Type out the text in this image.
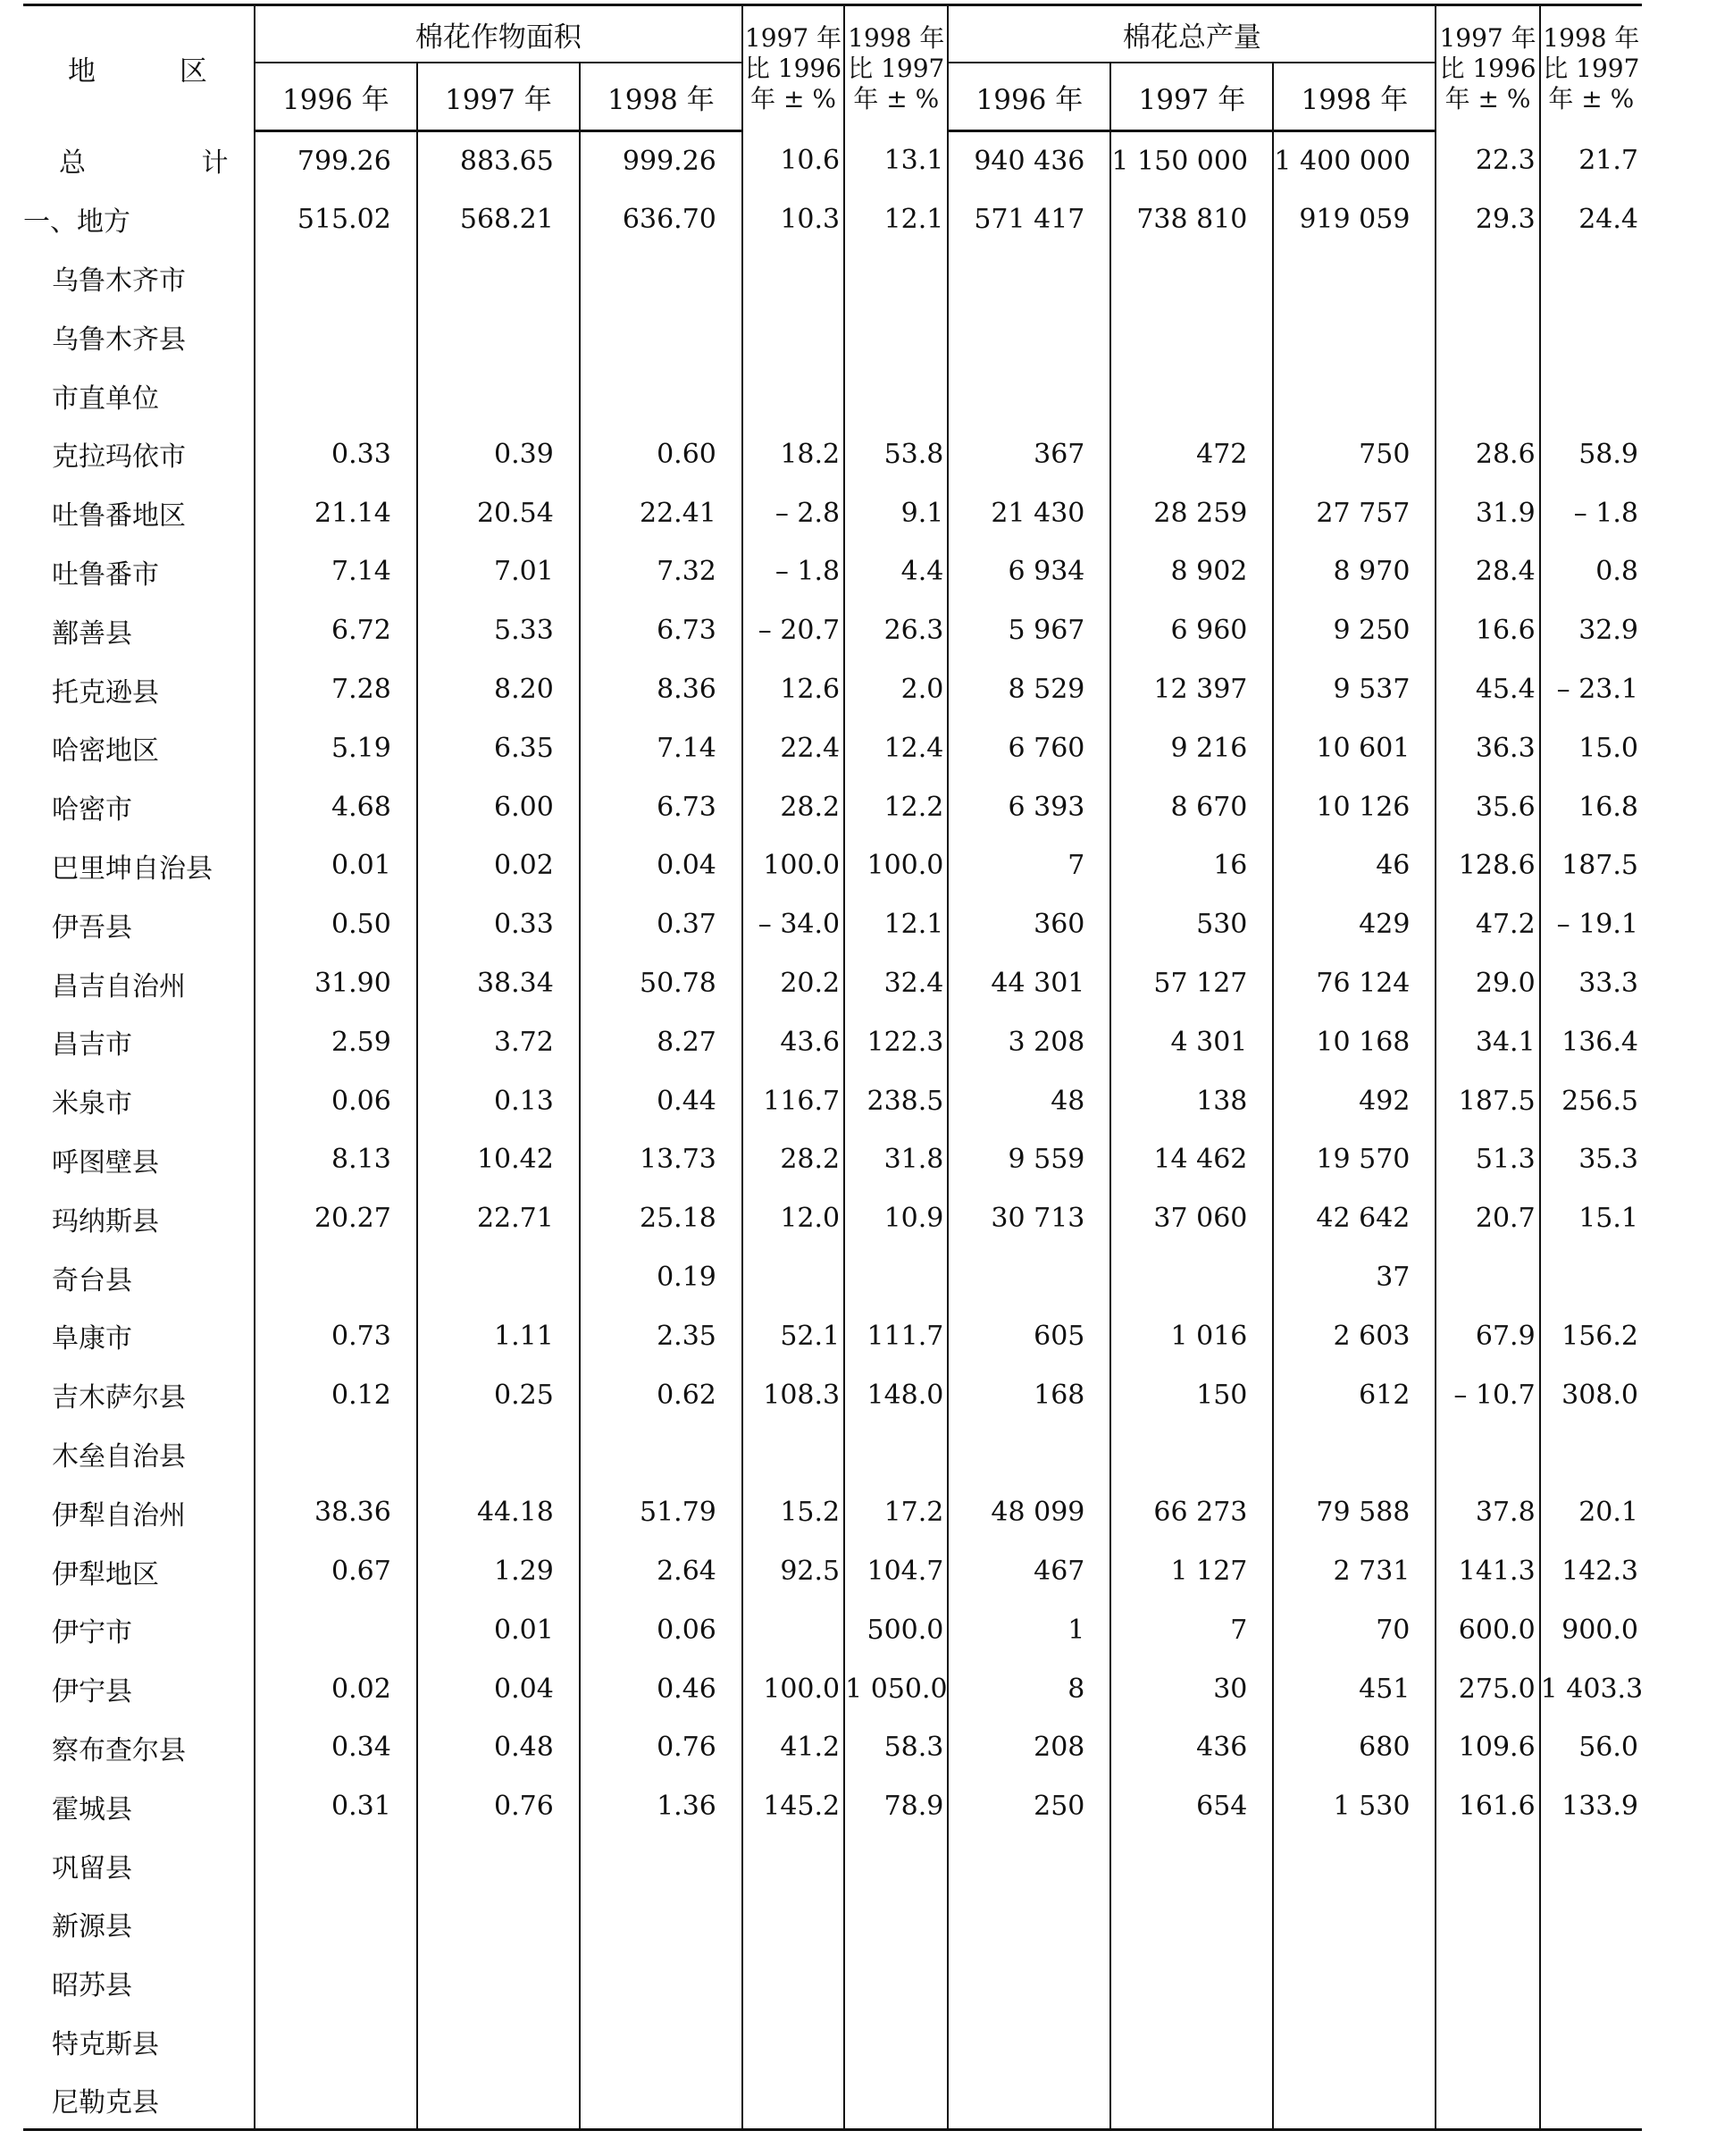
地 区	棉花作物面积			1997 年比 1996 年 ± %	1998 年比 1997 年 ± %	棉花总产量			1997 年比 1996 年 ± %	1998 年比 1997 年 ± %
	1996 年	1997 年	1998 年			1996 年	1997 年	1998 年		
总 计	799.26	883.65	999.26	10.6	13.1	940 436	1 150 000	1 400 000	22.3	21.7
一、地方	515.02	568.21	636.70	10.3	12.1	571 417	738 810	919 059	29.3	24.4
乌鲁木齐市										
乌鲁木齐县										
市直单位										
克拉玛依市	0.33	0.39	0.60	18.2	53.8	367	472	750	28.6	58.9
吐鲁番地区	21.14	20.54	22.41	– 2.8	9.1	21 430	28 259	27 757	31.9	– 1.8
吐鲁番市	7.14	7.01	7.32	– 1.8	4.4	6 934	8 902	8 970	28.4	0.8
鄯善县	6.72	5.33	6.73	– 20.7	26.3	5 967	6 960	9 250	16.6	32.9
托克逊县	7.28	8.20	8.36	12.6	2.0	8 529	12 397	9 537	45.4	– 23.1
哈密地区	5.19	6.35	7.14	22.4	12.4	6 760	9 216	10 601	36.3	15.0
哈密市	4.68	6.00	6.73	28.2	12.2	6 393	8 670	10 126	35.6	16.8
巴里坤自治县	0.01	0.02	0.04	100.0	100.0	7	16	46	128.6	187.5
伊吾县	0.50	0.33	0.37	– 34.0	12.1	360	530	429	47.2	– 19.1
昌吉自治州	31.90	38.34	50.78	20.2	32.4	44 301	57 127	76 124	29.0	33.3
昌吉市	2.59	3.72	8.27	43.6	122.3	3 208	4 301	10 168	34.1	136.4
米泉市	0.06	0.13	0.44	116.7	238.5	48	138	492	187.5	256.5
呼图壁县	8.13	10.42	13.73	28.2	31.8	9 559	14 462	19 570	51.3	35.3
玛纳斯县	20.27	22.71	25.18	12.0	10.9	30 713	37 060	42 642	20.7	15.1
奇台县			0.19					37		
阜康市	0.73	1.11	2.35	52.1	111.7	605	1 016	2 603	67.9	156.2
吉木萨尔县	0.12	0.25	0.62	108.3	148.0	168	150	612	– 10.7	308.0
木垒自治县										
伊犁自治州	38.36	44.18	51.79	15.2	17.2	48 099	66 273	79 588	37.8	20.1
伊犁地区	0.67	1.29	2.64	92.5	104.7	467	1 127	2 731	141.3	142.3
伊宁市		0.01	0.06		500.0	1	7	70	600.0	900.0
伊宁县	0.02	0.04	0.46	100.0	1 050.0	8	30	451	275.0	1 403.3
察布查尔县	0.34	0.48	0.76	41.2	58.3	208	436	680	109.6	56.0
霍城县	0.31	0.76	1.36	145.2	78.9	250	654	1 530	161.6	133.9
巩留县										
新源县										
昭苏县										
特克斯县										
尼勒克县										
